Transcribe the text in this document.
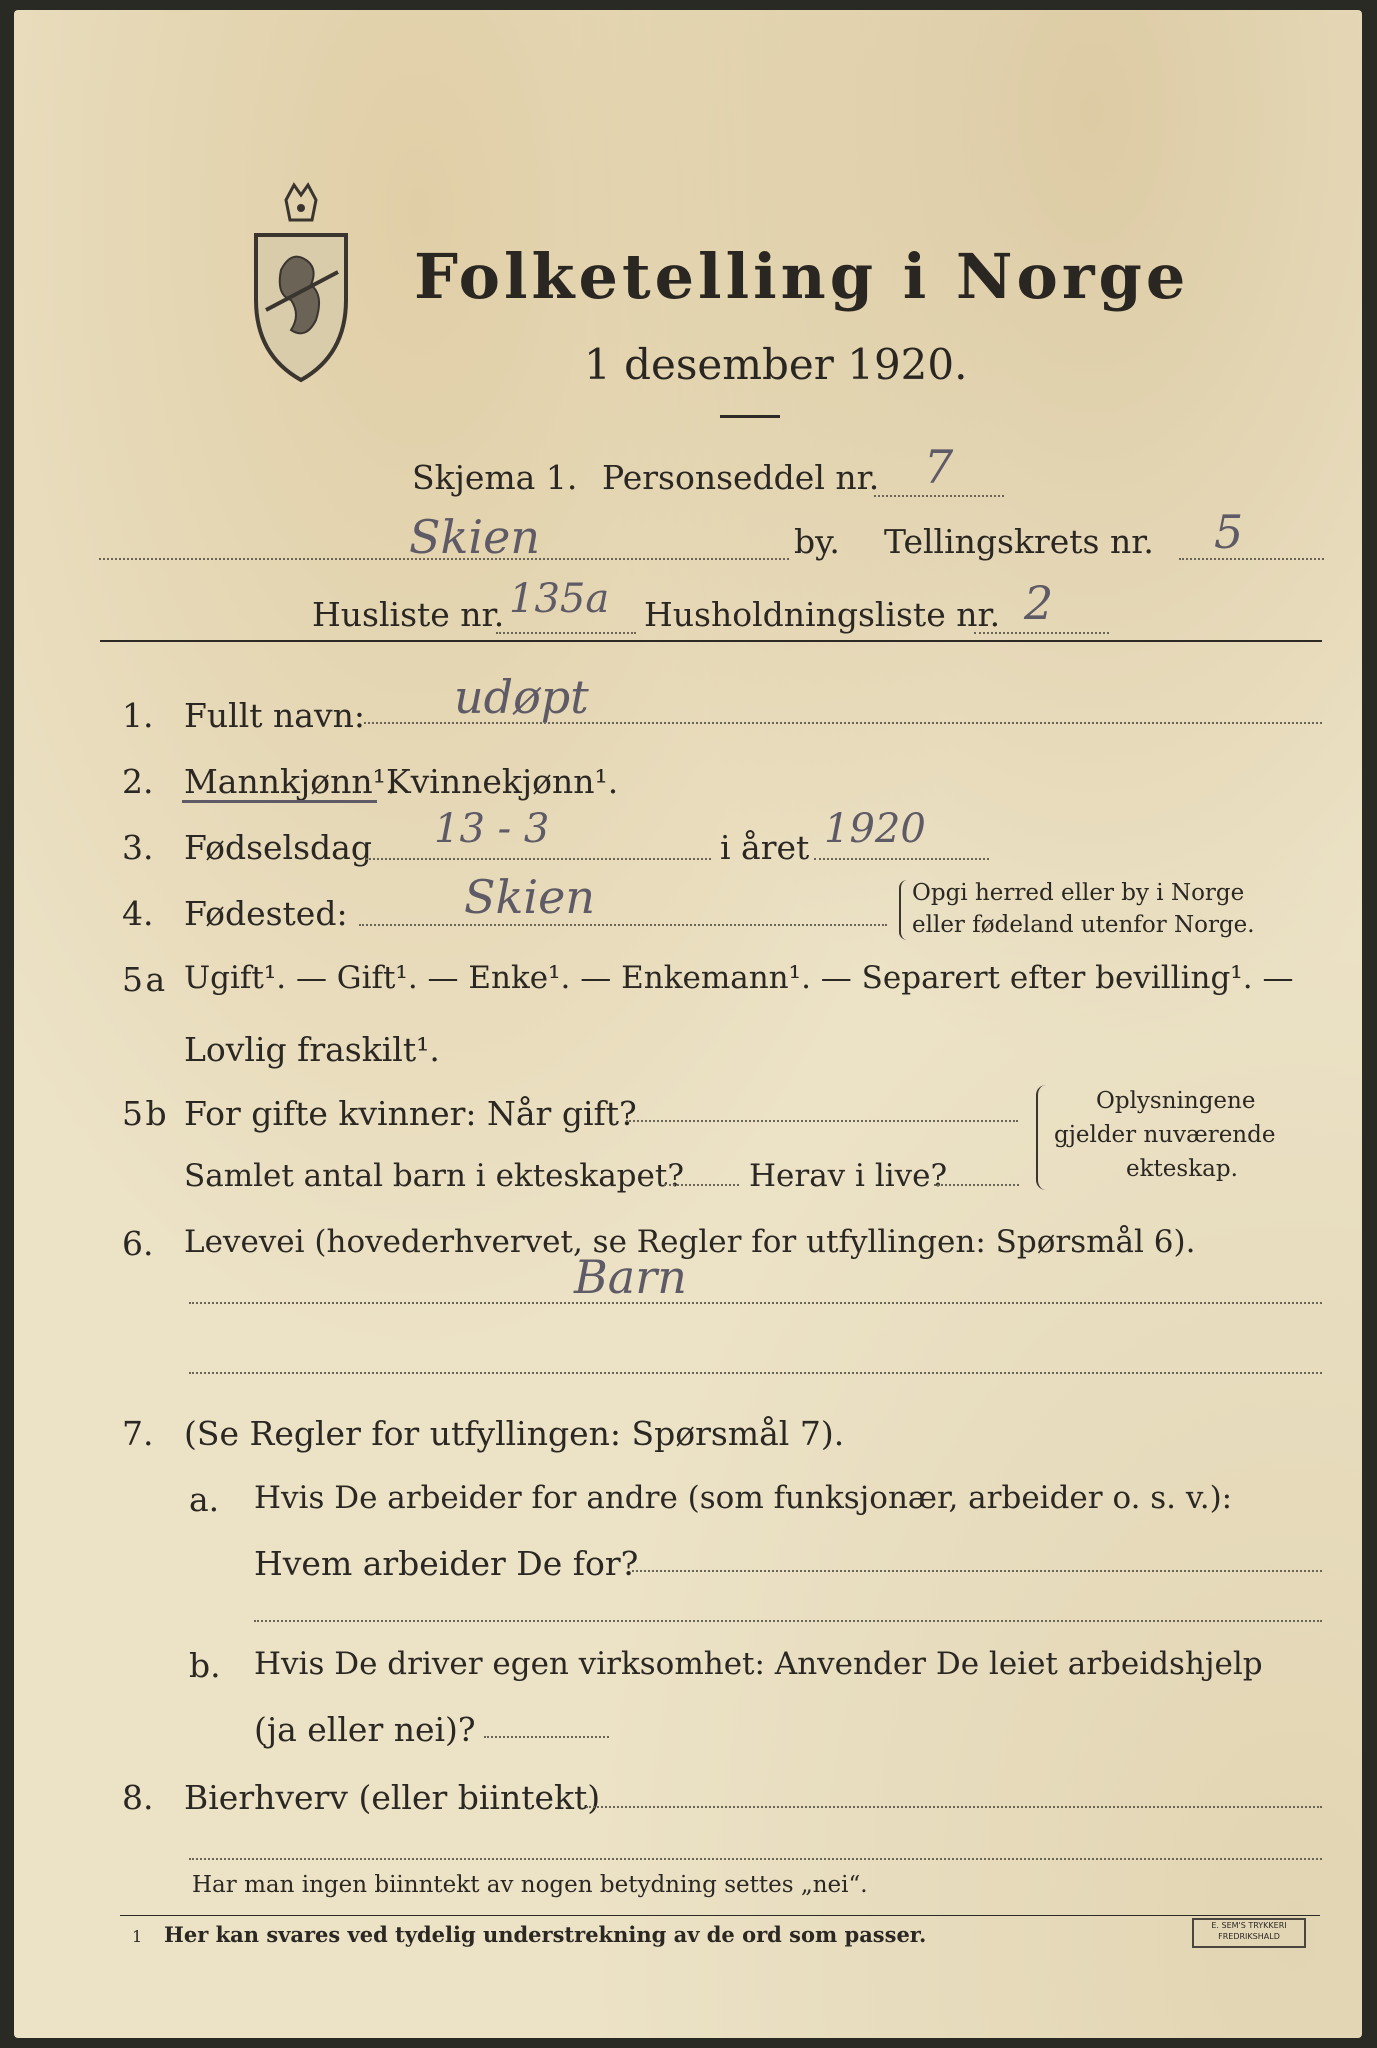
Folketelling i Norge
1 desember 1920.
Skjema 1. Personseddel nr. 7
Skien	by. Tellingskrets nr. 5
Husliste nr. 135a Husholdningsliste nr. 2
1. Fullt navn: udøpt
2. Mannkjønn¹.
Kvinnekjønn¹.
3. Fødselsdag 13 - 3	i året 1920
4. Fødested:	Skien	Opgi herred eller by i Norge
eller fødeland utenfor Norge.
5 a Ugift¹. — Gift¹. — Enke¹. — Enkemann¹. — Separert efter bevilling¹. —
Lovlig fraskilt¹.
5 b For gifte kvinner: Når gift?
Samlet antal barn i ekteskapet? Herav i live?
Oplysningene
gjelder nuværende
ekteskap.
6. Levevei (hovederhvervet, se Regler for utfyllingen: Spørsmål 6).
Barn
7. (Se Regler for utfyllingen: Spørsmål 7).
a. Hvis De arbeider for andre (som funksjonær, arbeider o. s. v.):
Hvem arbeider De for?
b. Hvis De driver egen virksomhet: Anvender De leiet arbeidshjelp
(ja eller nei)?
8. Bierhverv (eller biintekt)
Har man ingen biinntekt av nogen betydning settes „nei“.
1 Her kan svares ved tydelig understrekning av de ord som passer.	E. SEM'S TRYKKERI
FREDRIKSHALD
